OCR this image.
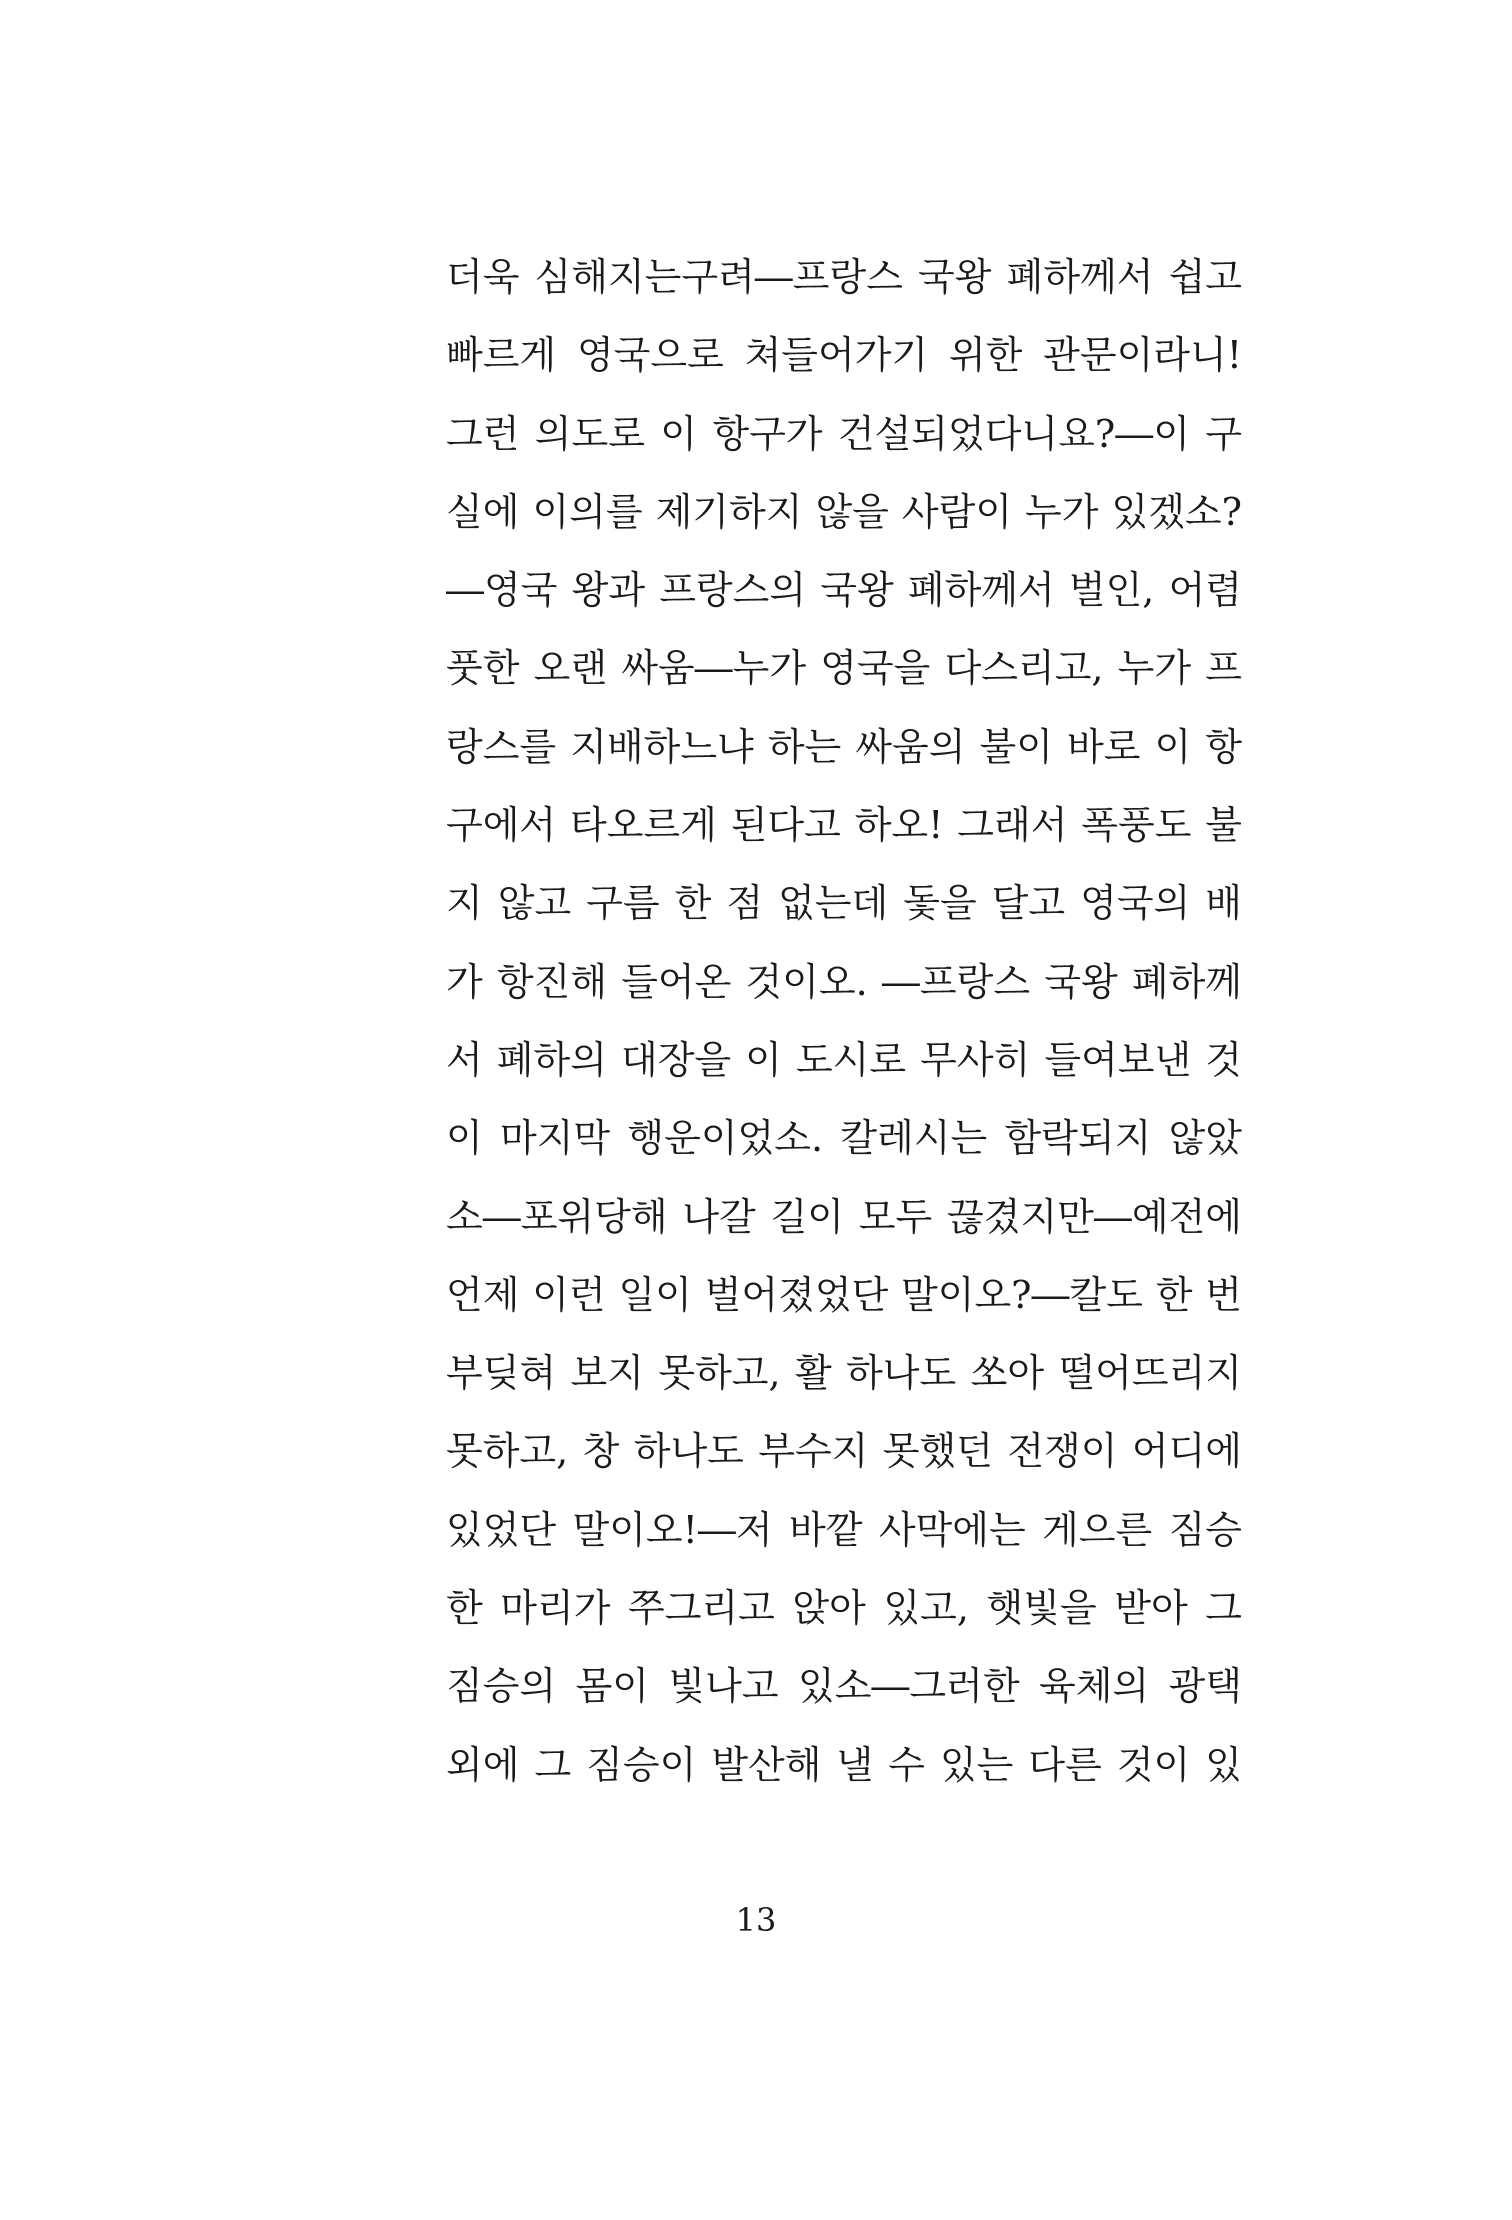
더욱 심해지는구려―프랑스 국왕 폐하께서 쉽고
빠르게 영국으로 쳐들어가기 위한 관문이라니!
그런 의도로 이 항구가 건설되었다니요?―이 구
실에 이의를 제기하지 않을 사람이 누가 있겠소?
―영국 왕과 프랑스의 국왕 폐하께서 벌인, 어렴
풋한 오랜 싸움―누가 영국을 다스리고, 누가 프
랑스를 지배하느냐 하는 싸움의 불이 바로 이 항
구에서 타오르게 된다고 하오! 그래서 폭풍도 불
지 않고 구름 한 점 없는데 돛을 달고 영국의 배
가 항진해 들어온 것이오. ―프랑스 국왕 폐하께
서 폐하의 대장을 이 도시로 무사히 들여보낸 것
이 마지막 행운이었소. 칼레시는 함락되지 않았
소―포위당해 나갈 길이 모두 끊겼지만―예전에
언제 이런 일이 벌어졌었단 말이오?―칼도 한 번
부딪혀 보지 못하고, 활 하나도 쏘아 떨어뜨리지
못하고, 창 하나도 부수지 못했던 전쟁이 어디에
있었단 말이오!―저 바깥 사막에는 게으른 짐승
한 마리가 쭈그리고 앉아 있고, 햇빛을 받아 그
짐승의 몸이 빛나고 있소―그러한 육체의 광택
외에 그 짐승이 발산해 낼 수 있는 다른 것이 있
13
